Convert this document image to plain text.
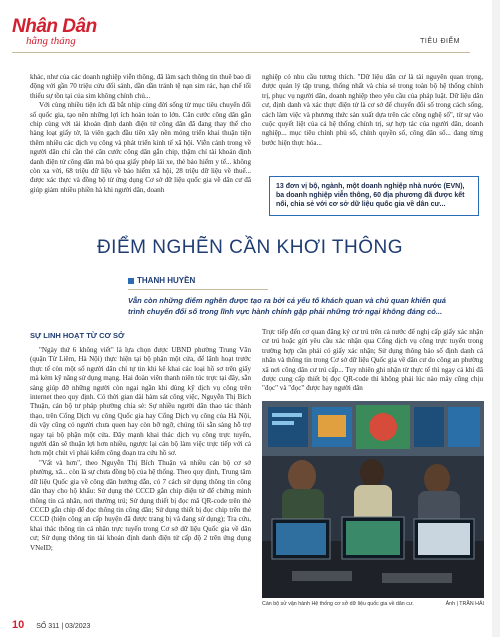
Nhân Dân
hằng tháng	TIÊU ĐIỂM

khác, như của các doanh nghiệp viễn thông, đã làm sạch thông tin thuê bao di động với gần 70 triệu cửu đối sánh, dần dần tránh tệ nạn sim rác, hạn chế tối thiểu sự tồn tại của sim không chính chủ...

Với cùng nhiều tiện ích đã bắt nhịp cùng đời sống từ mục tiêu chuyển đổi số quốc gia, tạo nên những lợi ích hoàn toàn to lớn. Căn cước công dân gắn chip cùng với tài khoản định danh điện tử công dân đã đang thay thế cho hàng loạt giấy tờ, là viên gạch đầu tiên xây nền móng triển khai thuận tiện thêm nhiều các dịch vụ công và phát triển kinh tế xã hội. Viễn cảnh trong về người dân chỉ cần thẻ căn cước công dân gắn chip, thậm chí tài khoản định danh điện tử công dân mà bỏ qua giấy phép lái xe, thẻ bảo hiểm y tế... không còn xa vời, 68 triệu dữ liệu về bảo hiểm xã hội, 28 triệu dữ liệu về thuế... được xác thực và đồng bộ từ ứng dụng Cơ sở dữ liệu quốc gia về dân cư đã giúp giảm nhiều phiền hà khi người dân, doanh

nghiệp có nhu cầu tương thích. "Dữ liệu dân cư là tài nguyên quan trọng, được quản lý tập trung, thống nhất và chia sẻ trong toàn bộ hệ thống chính trị, phục vụ người dân, doanh nghiệp theo yêu cầu của pháp luật. Dữ liệu dân cư, định danh và xác thực điện tử là cơ sở để chuyển đổi số trong cách sống, cách làm việc và phương thức sản xuất dựa trên các công nghệ số", từ sự vào cuộc quyết liệt của cả hệ thống chính trị, sự hợp tác của người dân, doanh nghiệp... mục tiêu chính phủ số, chính quyền số, công dân số... đang từng bước hiện thực hóa...

13 đơn vị bộ, ngành, một doanh nghiệp nhà nước (EVN), ba doanh nghiệp viễn thông, 60 địa phương đã được kết nối, chia sẻ với cơ sở dữ liệu quốc gia về dân cư...
ĐIỂM NGHẼN CẦN KHƠI THÔNG
THANH HUYỀN
Vẫn còn những điểm nghẽn được tạo ra bởi cả yếu tố khách quan và chủ quan khiến quá trình chuyển đổi số trong lĩnh vực hành chính gặp phải những trở ngại không đáng có...
SỰ LINH HOẠT TỪ CƠ SỞ

"Ngày thứ 6 không viết" là lựa chọn được UBND phường Trung Văn (quận Từ Liêm, Hà Nội) thực hiện tại bộ phận một cửa, để lãnh hoạt trước thực tế còn một số người dân chỉ tự tin khi kê khai các loại hồ sơ trên giấy mà kém kỹ năng sử dụng mạng. Hai đoàn viên thanh niên túc trực tại đây, sẵn sàng giúp đỡ những người còn ngại ngần khi dùng kỹ dịch vụ công trên internet theo quy định. Có thời gian dài hàm sát công việc, Nguyễn Thị Bích Thuận, cán bộ tư pháp phường chia sẻ: Sự nhiều người dân thao tác thành thạo, trên Cổng Dịch vụ công Quốc gia hay Cổng Dịch vụ công của Hà Nội, dù vậy cũng có người chưa quen hay còn bỡ ngỡ, chúng tôi sẵn sàng hỗ trợ ngay tại bộ phận một cửa. Đây mạnh khai thác dịch vụ công trực tuyến, người dân sẽ thuận lợi hơn nhiều, ngược lại cán bộ làm việc trực tiếp với cả hơn một chút vì phải kiểm công đoạn tra cứu hồ sơ.

"Vất và hơn", theo Nguyễn Thị Bích Thuận và nhiều cán bộ cơ sở phường, xã... còn là sự chưa đồng bộ của hệ thống. Theo quy định, Trung tâm dữ liệu Quốc gia về công dân hướng dẫn, có 7 cách sử dụng thông tin công dân thay cho hộ khẩu: Sử dụng thẻ CCCD gắn chip điện tử để chứng minh thông tin cá nhân, nơi thường trú; Sử dụng thiết bị đọc mã QR-code trên thẻ CCCD gắn chip để đọc thông tin công dân; Sử dụng thiết bị đọc chip trên thẻ CCCD (hiện công an cấp huyện đã được trang bị và đang sử dụng); Tra cứu, khai thác thông tin cá nhân trực tuyến trong Cơ sở dữ liệu Quốc gia về dân cư; Sử dụng thông tin tài khoản định danh điện tử cấp độ 2 trên ứng dụng VNeID;

Trực tiếp đến cơ quan đăng ký cư trú trên cả nước để nghị cấp giấy xác nhận cư trú hoặc gửi yêu cầu xác nhận qua Cổng dịch vụ công trực tuyến trong trường hợp cần phải có giấy xác nhận; Sử dụng thông báo số định danh cá nhân và thông tin trong Cơ sở dữ liệu Quốc gia về dân cư do công an phường xã nơi công dân cư trú cấp... Tuy nhiên ghi nhận từ thực tế thì ngay cả khi đã được cung cấp thiết bị đọc QR-code thì không phải lúc nào máy cũng chịu "đọc" và "đọc" được hay người dân

Cán bộ sử vận hành Hệ thống cơ sở dữ liệu quốc gia về dân cư.	Ảnh | TRẦN HẢI
10 SỐ 311 | 03/2023
